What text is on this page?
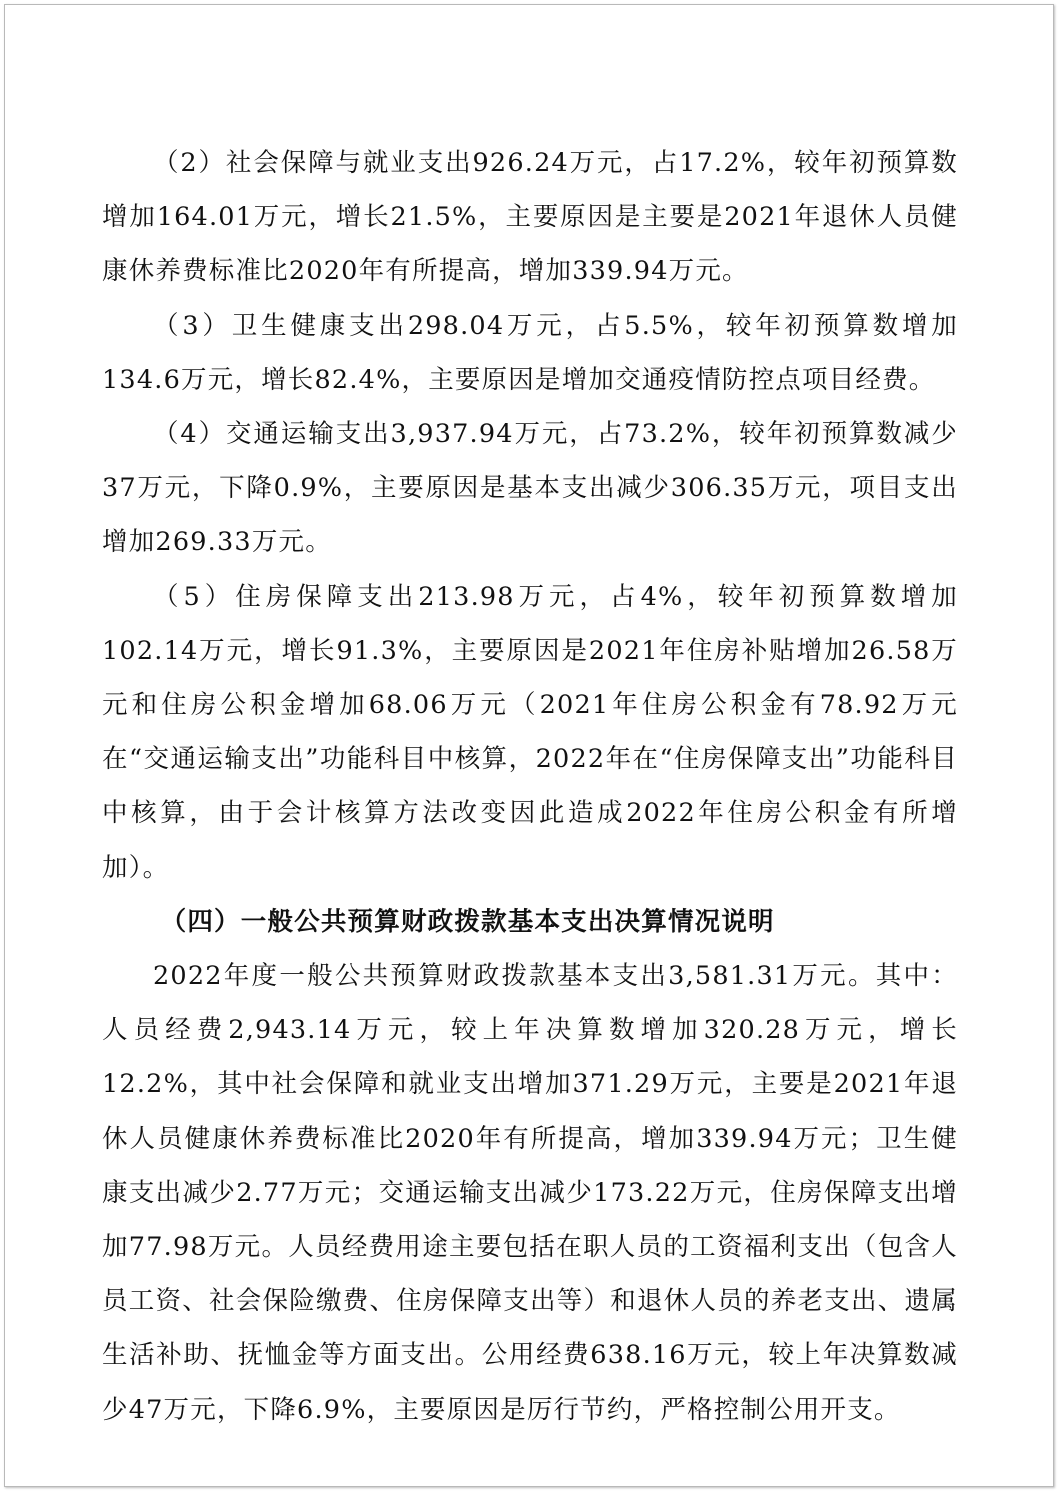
（2）社会保障与就业支出926.24万元，占17.2%，较年初预算数增加164.01万元，增长21.5%，主要原因是主要是2021年退休人员健康休养费标准比2020年有所提高，增加339.94万元。

（3）卫生健康支出298.04万元，占5.5%，较年初预算数增加134.6万元，增长82.4%，主要原因是增加交通疫情防控点项目经费。

（4）交通运输支出3,937.94万元，占73.2%，较年初预算数减少37万元，下降0.9%，主要原因是基本支出减少306.35万元，项目支出增加269.33万元。

（5）住房保障支出213.98万元，占4%，较年初预算数增加102.14万元，增长91.3%，主要原因是2021年住房补贴增加26.58万元和住房公积金增加68.06万元（2021年住房公积金有78.92万元在“交通运输支出”功能科目中核算，2022年在“住房保障支出”功能科目中核算，由于会计核算方法改变因此造成2022年住房公积金有所增加）。

（四）一般公共预算财政拨款基本支出决算情况说明

2022年度一般公共预算财政拨款基本支出3,581.31万元。其中：人员经费2,943.14万元，较上年决算数增加320.28万元，增长12.2%，其中社会保障和就业支出增加371.29万元，主要是2021年退休人员健康休养费标准比2020年有所提高，增加339.94万元；卫生健康支出减少2.77万元；交通运输支出减少173.22万元，住房保障支出增加77.98万元。人员经费用途主要包括在职人员的工资福利支出（包含人员工资、社会保险缴费、住房保障支出等）和退休人员的养老支出、遗属生活补助、抚恤金等方面支出。公用经费638.16万元，较上年决算数减少47万元，下降6.9%，主要原因是厉行节约，严格控制公用开支。
